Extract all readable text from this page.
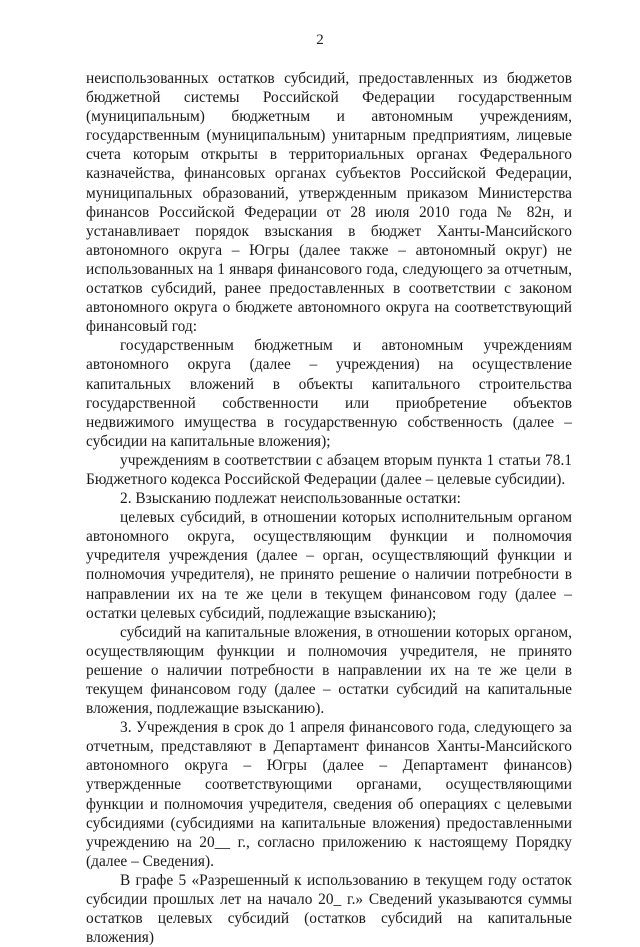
2

неиспользованных остатков субсидий, предоставленных из бюджетов бюджетной системы Российской Федерации государственным (муниципальным) бюджетным и автономным учреждениям, государственным (муниципальным) унитарным предприятиям, лицевые счета которым открыты в территориальных органах Федерального казначейства, финансовых органах субъектов Российской Федерации, муниципальных образований, утвержденным приказом Министерства финансов Российской Федерации от 28 июля 2010 года № 82н, и устанавливает порядок взыскания в бюджет Ханты-Мансийского автономного округа – Югры (далее также – автономный округ) не использованных на 1 января финансового года, следующего за отчетным, остатков субсидий, ранее предоставленных в соответствии с законом автономного округа о бюджете автономного округа на соответствующий финансовый год:

государственным бюджетным и автономным учреждениям автономного округа (далее – учреждения) на осуществление капитальных вложений в объекты капитального строительства государственной собственности или приобретение объектов недвижимого имущества в государственную собственность (далее – субсидии на капитальные вложения);

учреждениям в соответствии с абзацем вторым пункта 1 статьи 78.1 Бюджетного кодекса Российской Федерации (далее – целевые субсидии).

2. Взысканию подлежат неиспользованные остатки:

целевых субсидий, в отношении которых исполнительным органом автономного округа, осуществляющим функции и полномочия учредителя учреждения (далее – орган, осуществляющий функции и полномочия учредителя), не принято решение о наличии потребности в направлении их на те же цели в текущем финансовом году (далее – остатки целевых субсидий, подлежащие взысканию);

субсидий на капитальные вложения, в отношении которых органом, осуществляющим функции и полномочия учредителя, не принято решение о наличии потребности в направлении их на те же цели в текущем финансовом году (далее – остатки субсидий на капитальные вложения, подлежащие взысканию).

3. Учреждения в срок до 1 апреля финансового года, следующего за отчетным, представляют в Департамент финансов Ханты-Мансийского автономного округа – Югры (далее – Департамент финансов) утвержденные соответствующими органами, осуществляющими функции и полномочия учредителя, сведения об операциях с целевыми субсидиями (субсидиями на капитальные вложения) предоставленными учреждению на 20__ г., согласно приложению к настоящему Порядку (далее – Сведения).

В графе 5 «Разрешенный к использованию в текущем году остаток субсидии прошлых лет на начало 20_ г.» Сведений указываются суммы остатков целевых субсидий (остатков субсидий на капитальные вложения)
